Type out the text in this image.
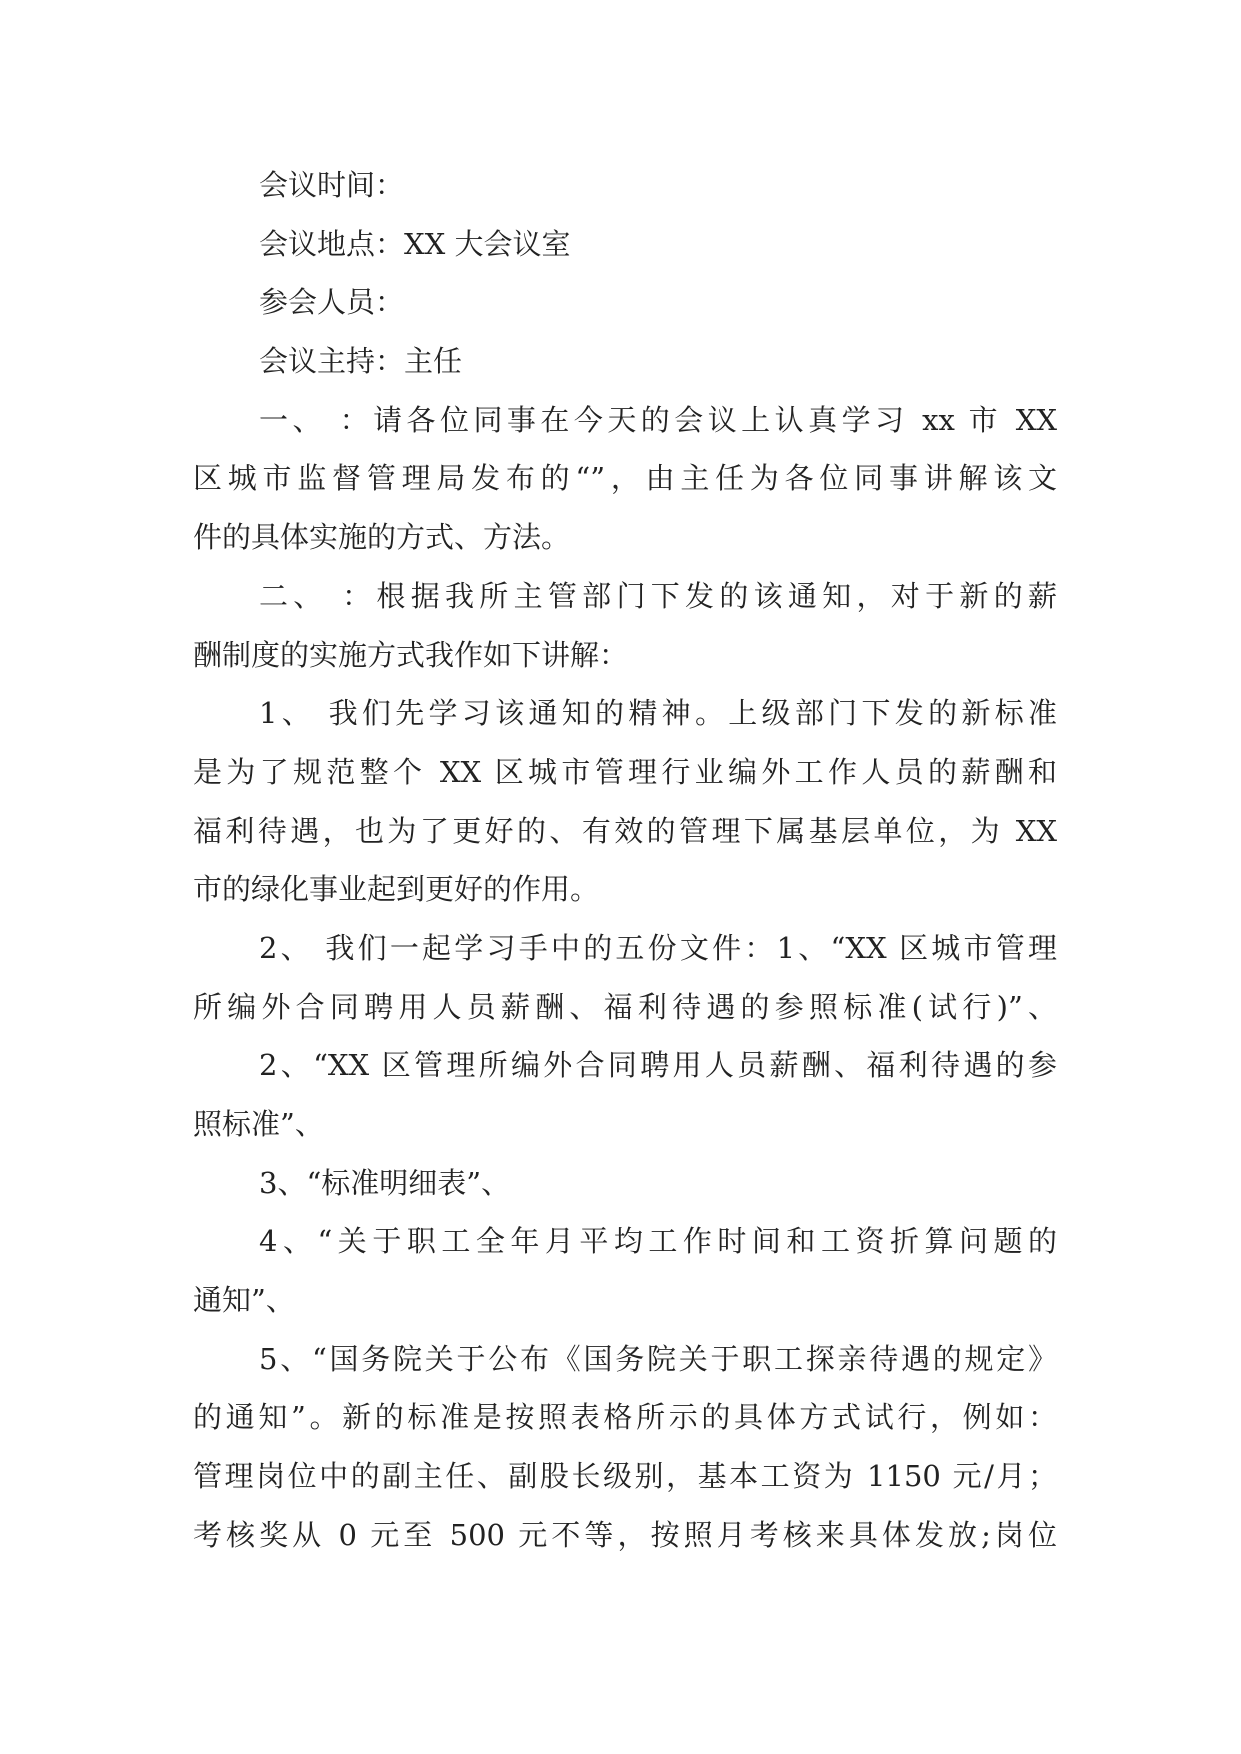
会议时间：
会议地点：XX 大会议室
参会人员：
会议主持：主任
一、 ：请各位同事在今天的会议上认真学习 xx 市 XX
区城市监督管理局发布的“”，由主任为各位同事讲解该文
件的具体实施的方式、方法。
二、 ：根据我所主管部门下发的该通知，对于新的薪
酬制度的实施方式我作如下讲解：
1、 我们先学习该通知的精神。上级部门下发的新标准
是为了规范整个 XX 区城市管理行业编外工作人员的薪酬和
福利待遇，也为了更好的、有效的管理下属基层单位，为 XX
市的绿化事业起到更好的作用。
2、 我们一起学习手中的五份文件：1、“XX 区城市管理
所编外合同聘用人员薪酬、福利待遇的参照标准(试行)”、
2、“XX 区管理所编外合同聘用人员薪酬、福利待遇的参
照标准”、
3、“标准明细表”、
4、“关于职工全年月平均工作时间和工资折算问题的
通知”、
5、“国务院关于公布《国务院关于职工探亲待遇的规定》
的通知”。新的标准是按照表格所示的具体方式试行，例如：
管理岗位中的副主任、副股长级别，基本工资为 1150 元/月；
考核奖从 0 元至 500 元不等，按照月考核来具体发放;岗位
